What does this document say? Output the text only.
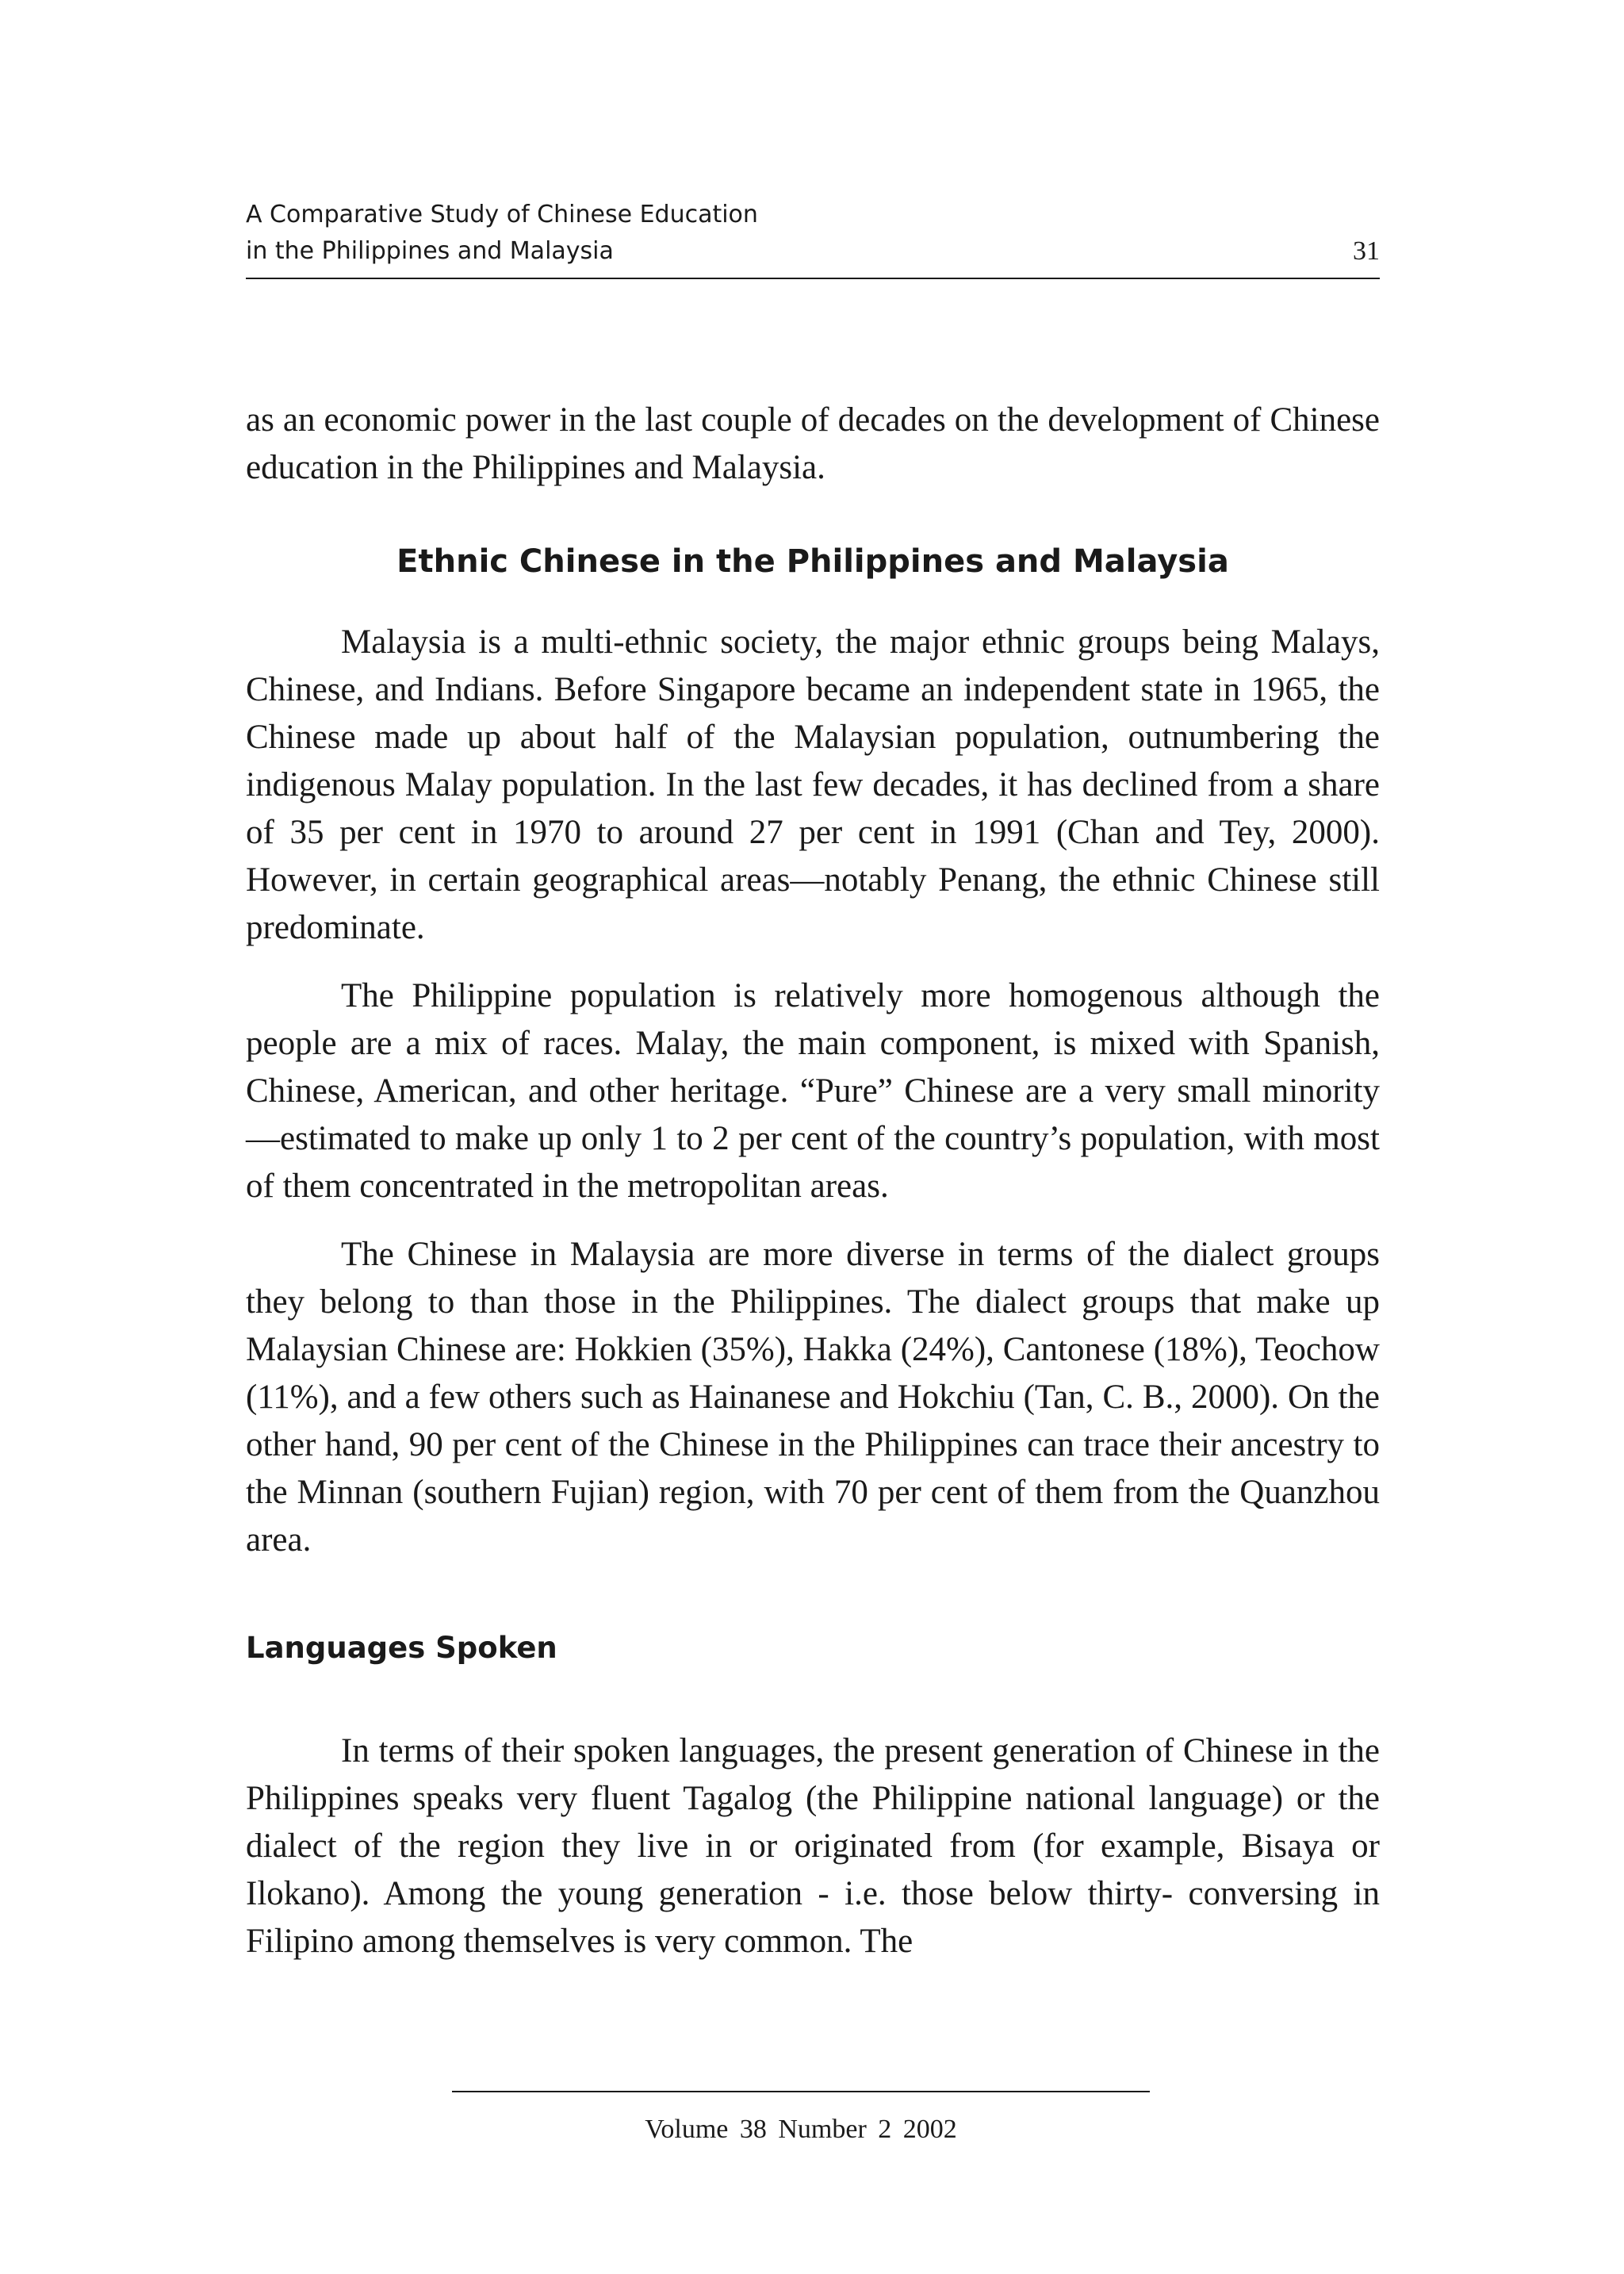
A Comparative Study of Chinese Education
in the Philippines and Malaysia	31

as an economic power in the last couple of decades on the development of Chinese education in the Philippines and Malaysia.

Ethnic Chinese in the Philippines and Malaysia

Malaysia is a multi-ethnic society, the major ethnic groups being Malays, Chinese, and Indians. Before Singapore became an independent state in 1965, the Chinese made up about half of the Malaysian population, outnumbering the indigenous Malay population. In the last few decades, it has declined from a share of 35 per cent in 1970 to around 27 per cent in 1991 (Chan and Tey, 2000). However, in certain geographical areas—notably Penang, the ethnic Chinese still predominate.

The Philippine population is relatively more homogenous although the people are a mix of races. Malay, the main component, is mixed with Spanish, Chinese, American, and other heritage. “Pure” Chinese are a very small minority—estimated to make up only 1 to 2 per cent of the country’s population, with most of them concentrated in the metropolitan areas.

The Chinese in Malaysia are more diverse in terms of the dialect groups they belong to than those in the Philippines. The dialect groups that make up Malaysian Chinese are: Hokkien (35%), Hakka (24%), Cantonese (18%), Teochow (11%), and a few others such as Hainanese and Hokchiu (Tan, C. B., 2000). On the other hand, 90 per cent of the Chinese in the Philippines can trace their ancestry to the Minnan (southern Fujian) region, with 70 per cent of them from the Quanzhou area.

Languages Spoken

In terms of their spoken languages, the present generation of Chinese in the Philippines speaks very fluent Tagalog (the Philippine national language) or the dialect of the region they live in or originated from (for example, Bisaya or Ilokano). Among the young generation - i.e. those below thirty- conversing in Filipino among themselves is very common. The

Volume 38 Number 2 2002
